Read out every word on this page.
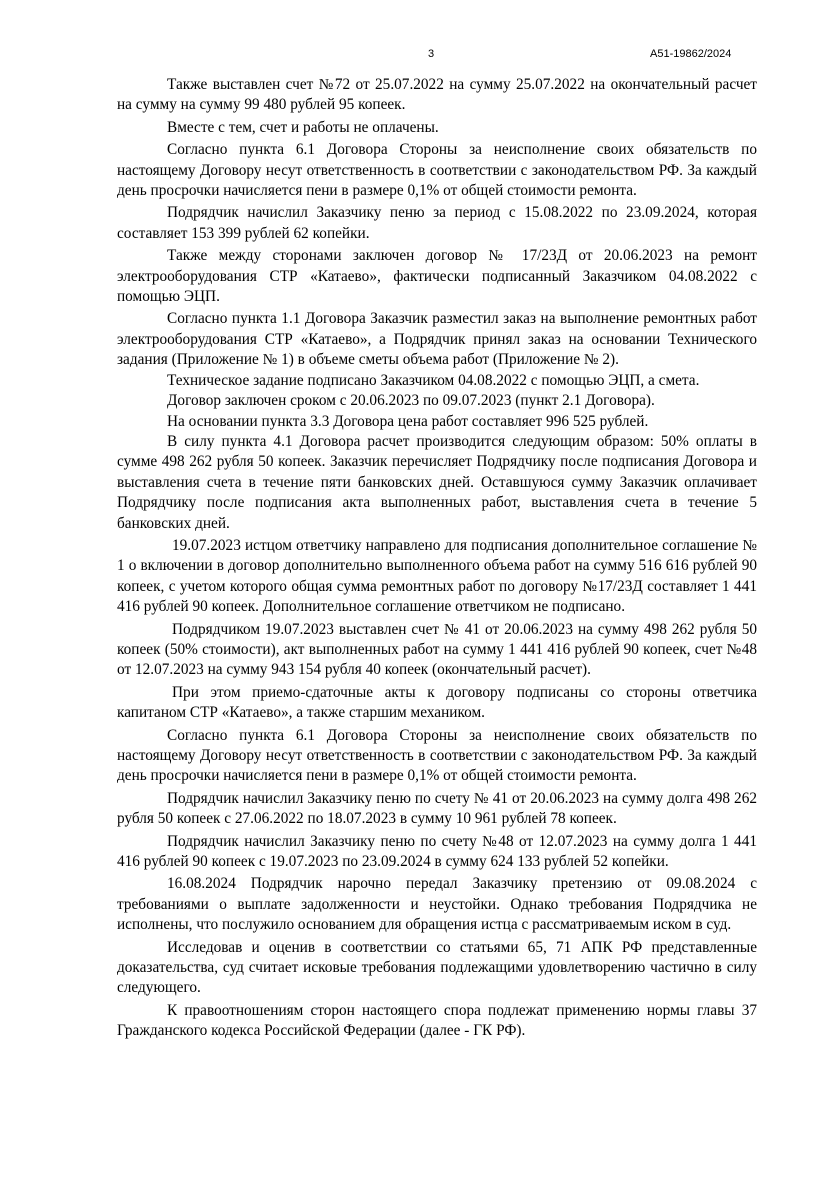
3	А51-19862/2024

Также выставлен счет №72 от 25.07.2022 на сумму 25.07.2022 на окончательный расчет на сумму на сумму 99 480 рублей 95 копеек.

Вместе с тем, счет и работы не оплачены.

Согласно пункта 6.1 Договора Стороны за неисполнение своих обязательств по настоящему Договору несут ответственность в соответствии с законодательством РФ. За каждый день просрочки начисляется пени в размере 0,1% от общей стоимости ремонта.

Подрядчик начислил Заказчику пеню за период с 15.08.2022 по 23.09.2024, которая составляет 153 399 рублей 62 копейки.

Также между сторонами заключен договор № 17/23Д от 20.06.2023 на ремонт электрооборудования СТР «Катаево», фактически подписанный Заказчиком 04.08.2022 с помощью ЭЦП.

Согласно пункта 1.1 Договора Заказчик разместил заказ на выполнение ремонтных работ электрооборудования СТР «Катаево», а Подрядчик принял заказ на основании Технического задания (Приложение № 1) в объеме сметы объема работ (Приложение № 2).

Техническое задание подписано Заказчиком 04.08.2022 с помощью ЭЦП, а смета.

Договор заключен сроком с 20.06.2023 по 09.07.2023 (пункт 2.1 Договора).

На основании пункта 3.3 Договора цена работ составляет 996 525 рублей.

В силу пункта 4.1 Договора расчет производится следующим образом: 50% оплаты в сумме 498 262 рубля 50 копеек. Заказчик перечисляет Подрядчику после подписания Договора и выставления счета в течение пяти банковских дней. Оставшуюся сумму Заказчик оплачивает Подрядчику после подписания акта выполненных работ, выставления счета в течение 5 банковских дней.

19.07.2023 истцом ответчику направлено для подписания дополнительное соглашение № 1 о включении в договор дополнительно выполненного объема работ на сумму 516 616 рублей 90 копеек, с учетом которого общая сумма ремонтных работ по договору №17/23Д составляет 1 441 416 рублей 90 копеек. Дополнительное соглашение ответчиком не подписано.

Подрядчиком 19.07.2023 выставлен счет № 41 от 20.06.2023 на сумму 498 262 рубля 50 копеек (50% стоимости), акт выполненных работ на сумму 1 441 416 рублей 90 копеек, счет №48 от 12.07.2023 на сумму 943 154 рубля 40 копеек (окончательный расчет).

При этом приемо-сдаточные акты к договору подписаны со стороны ответчика капитаном СТР «Катаево», а также старшим механиком.

Согласно пункта 6.1 Договора Стороны за неисполнение своих обязательств по настоящему Договору несут ответственность в соответствии с законодательством РФ. За каждый день просрочки начисляется пени в размере 0,1% от общей стоимости ремонта.

Подрядчик начислил Заказчику пеню по счету № 41 от 20.06.2023 на сумму долга 498 262 рубля 50 копеек с 27.06.2022 по 18.07.2023 в сумму 10 961 рублей 78 копеек.

Подрядчик начислил Заказчику пеню по счету №48 от 12.07.2023 на сумму долга 1 441 416 рублей 90 копеек с 19.07.2023 по 23.09.2024 в сумму 624 133 рублей 52 копейки.

16.08.2024 Подрядчик нарочно передал Заказчику претензию от 09.08.2024 с требованиями о выплате задолженности и неустойки. Однако требования Подрядчика не исполнены, что послужило основанием для обращения истца с рассматриваемым иском в суд.

Исследовав и оценив в соответствии со статьями 65, 71 АПК РФ представленные доказательства, суд считает исковые требования подлежащими удовлетворению частично в силу следующего.

К правоотношениям сторон настоящего спора подлежат применению нормы главы 37 Гражданского кодекса Российской Федерации (далее - ГК РФ).
